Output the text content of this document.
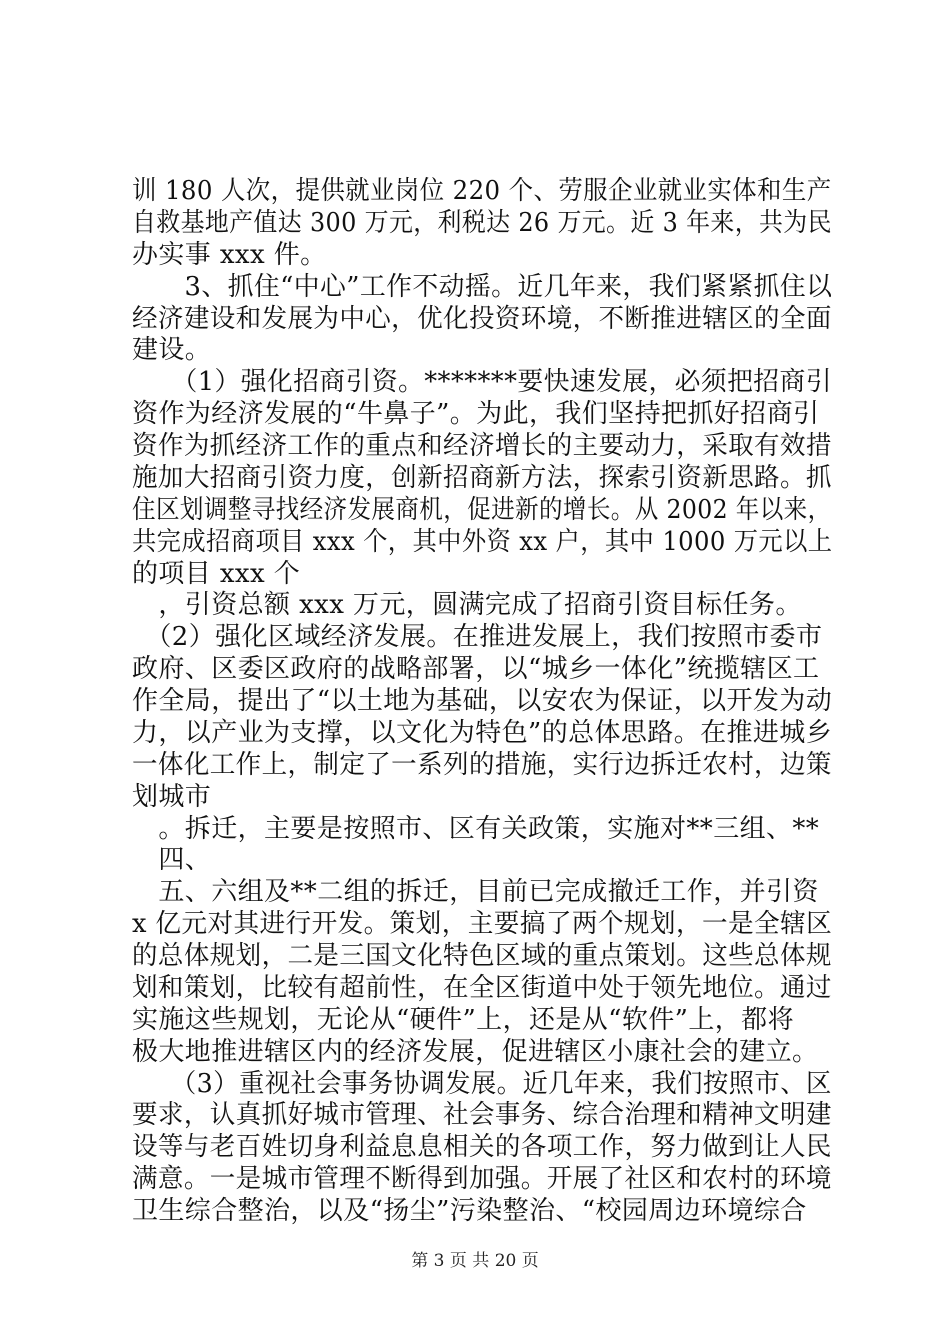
训 180 人次，提供就业岗位 220 个、劳服企业就业实体和生产
自救基地产值达 300 万元，利税达 26 万元。近 3 年来，共为民
办实事 xxx 件。
　　3、抓住“中心”工作不动摇。近几年来，我们紧紧抓住以
经济建设和发展为中心，优化投资环境，不断推进辖区的全面
建设。
　　（1）强化招商引资。*******要快速发展，必须把招商引
资作为经济发展的“牛鼻子”。为此，我们坚持把抓好招商引
资作为抓经济工作的重点和经济增长的主要动力，采取有效措
施加大招商引资力度，创新招商新方法，探索引资新思路。抓
住区划调整寻找经济发展商机，促进新的增长。从 2002 年以来，
共完成招商项目 xxx 个，其中外资 xx 户，其中 1000 万元以上
的项目 xxx 个
　，引资总额 xxx 万元，圆满完成了招商引资目标任务。
　（2）强化区域经济发展。在推进发展上，我们按照市委市
政府、区委区政府的战略部署，以“城乡一体化”统揽辖区工
作全局，提出了“以土地为基础，以安农为保证，以开发为动
力，以产业为支撑，以文化为特色”的总体思路。在推进城乡
一体化工作上，制定了一系列的措施，实行边拆迁农村，边策
划城市
　。拆迁，主要是按照市、区有关政策，实施对**三组、**
　四、
　五、六组及**二组的拆迁，目前已完成撤迁工作，并引资
x 亿元对其进行开发。策划，主要搞了两个规划，一是全辖区
的总体规划，二是三国文化特色区域的重点策划。这些总体规
划和策划，比较有超前性，在全区街道中处于领先地位。通过
实施这些规划，无论从“硬件”上，还是从“软件”上，都将
极大地推进辖区内的经济发展，促进辖区小康社会的建立。
　　（3）重视社会事务协调发展。近几年来，我们按照市、区
要求，认真抓好城市管理、社会事务、综合治理和精神文明建
设等与老百姓切身利益息息相关的各项工作，努力做到让人民
满意。一是城市管理不断得到加强。开展了社区和农村的环境
卫生综合整治，以及“扬尘”污染整治、“校园周边环境综合
第 3 页 共 20 页
